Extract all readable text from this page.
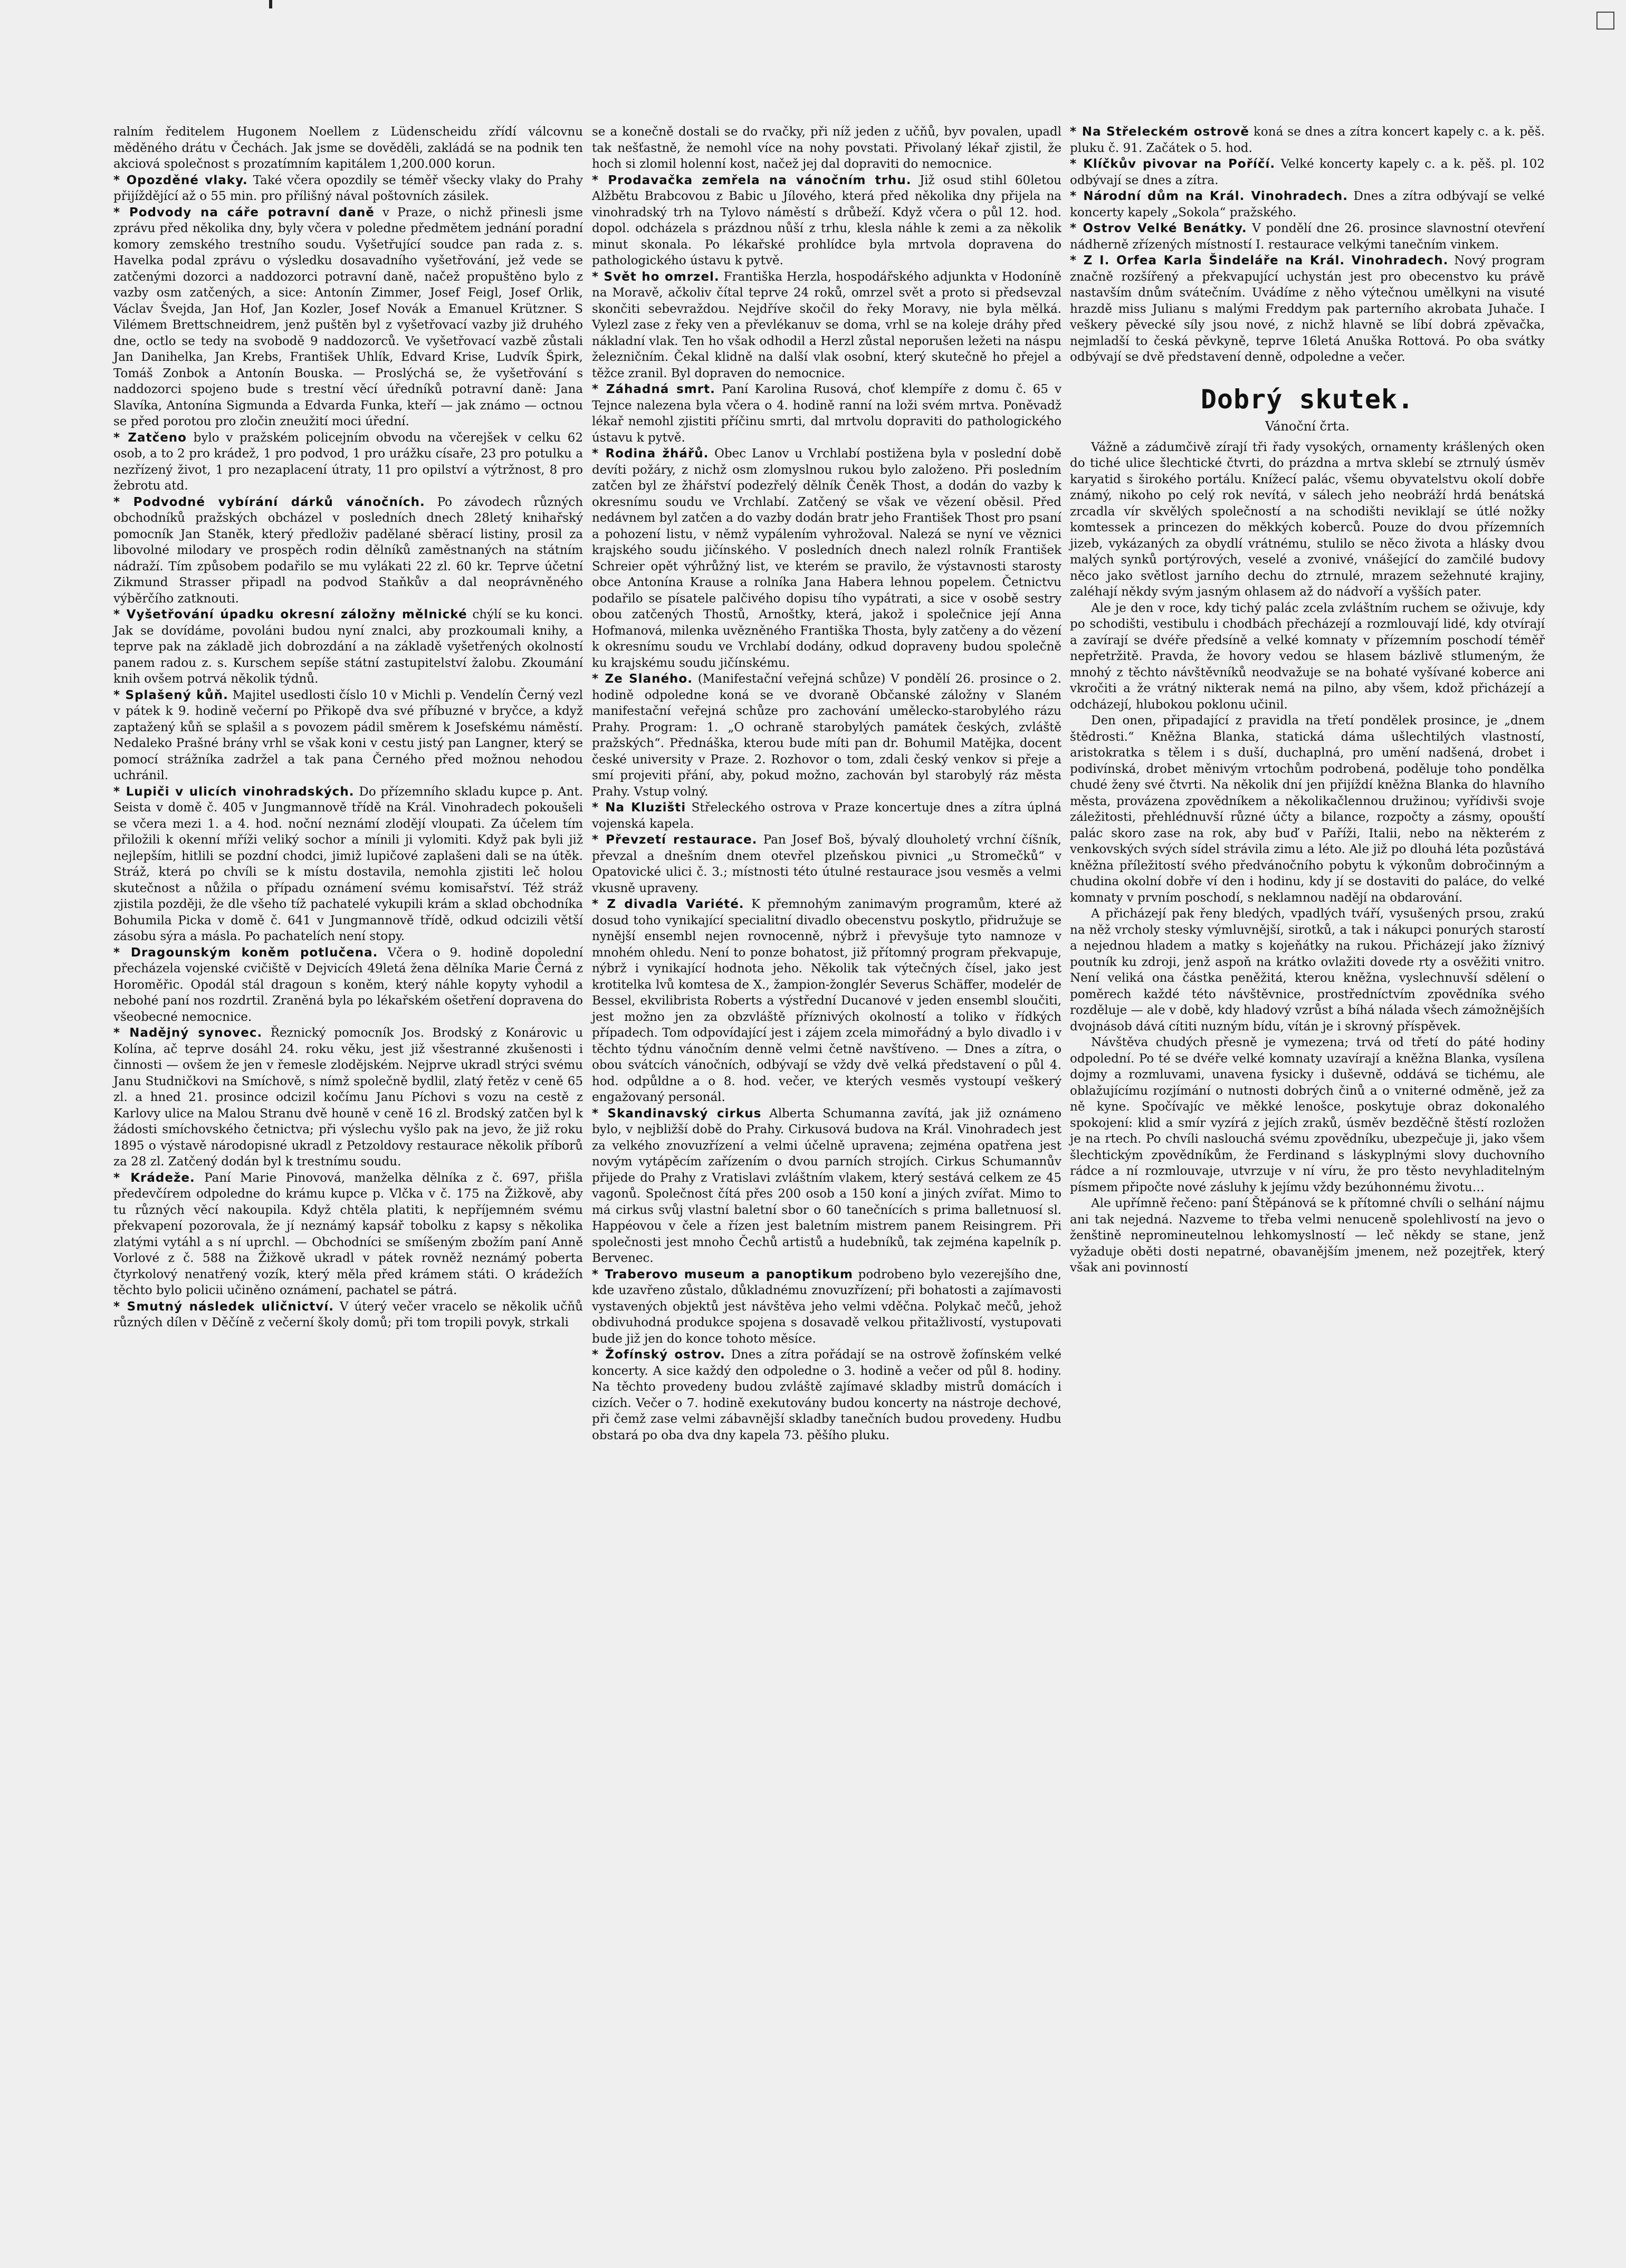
ralním ředitelem Hugonem Noellem z Lüdenscheidu zřídí válcovnu měděného drátu v Čechách. Jak jsme se dověděli, zakládá se na podnik ten akciová společnost s prozatímním kapitálem 1,200.000 korun.

* Opozděné vlaky. Také včera opozdily se téměř všecky vlaky do Prahy přijíždějící až o 55 min. pro přílišný nával poštovních zásilek.

* Podvody na cáře potravní daně v Praze, o nichž přinesli jsme zprávu před několika dny, byly včera v poledne předmětem jednání poradní komory zemského trestního soudu. Vyšetřující soudce pan rada z. s. Havelka podal zprávu o výsledku dosavadního vyšetřování, jež vede se zatčenými dozorci a naddozorci potravní daně, načež propuštěno bylo z vazby osm zatčených, a sice: Antonín Zimmer, Josef Feigl, Josef Orlik, Václav Švejda, Jan Hof, Jan Kozler, Josef Novák a Emanuel Krützner. S Vilémem Brettschneidrem, jenž puštěn byl z vyšetřovací vazby již druhého dne, octlo se tedy na svobodě 9 naddozorců. Ve vyšetřovací vazbě zůstali Jan Danihelka, Jan Krebs, František Uhlík, Edvard Krise, Ludvík Špirk, Tomáš Zonbok a Antonín Bouska. — Proslýchá se, že vyšetřování s naddozorci spojeno bude s trestní věcí úředníků potravní daně: Jana Slavíka, Antonína Sigmunda a Edvarda Funka, kteří — jak známo — octnou se před porotou pro zločin zneužití moci úřední.

* Zatčeno bylo v pražském policejním obvodu na včerejšek v celku 62 osob, a to 2 pro krádež, 1 pro podvod, 1 pro urážku císaře, 23 pro potulku a nezřízený život, 1 pro nezaplacení útraty, 11 pro opilství a výtržnost, 8 pro žebrotu atd.

* Podvodné vybírání dárků vánočních. Po závodech různých obchodníků pražských obcházel v posledních dnech 28letý knihařský pomocník Jan Staněk, který předloživ padělané sběrací listiny, prosil za libovolné milodary ve prospěch rodin dělníků zaměstnaných na státním nádraží. Tím způsobem podařilo se mu vylákati 22 zl. 60 kr. Teprve účetní Zikmund Strasser připadl na podvod Staňkův a dal neoprávněného výběrčího zatknouti.

* Vyšetřování úpadku okresní záložny mělnické chýlí se ku konci. Jak se dovídáme, povoláni budou nyní znalci, aby prozkoumali knihy, a teprve pak na základě jich dobrozdání a na základě vyšetřených okolností panem radou z. s. Kurschem sepíše státní zastupitelství žalobu. Zkoumání knih ovšem potrvá několik týdnů.

* Splašený kůň. Majitel usedlosti číslo 10 v Michli p. Vendelín Černý vezl v pátek k 9. hodině večerní po Přikopě dva své příbuzné v bryčce, a když zaptažený kůň se splašil a s povozem pádil směrem k Josefskému náměstí. Nedaleko Prašné brány vrhl se však koni v cestu jistý pan Langner, který se pomocí strážníka zadržel a tak pana Černého před možnou nehodou uchránil.

* Lupiči v ulicích vinohradských. Do přízemního skladu kupce p. Ant. Seista v domě č. 405 v Jungmannově třídě na Král. Vinohradech pokoušeli se včera mezi 1. a 4. hod. noční neznámí zlodějí vloupati. Za účelem tím přiložili k okenní mříži veliký sochor a mínili ji vylomiti. Když pak byli již nejlepším, hitlili se pozdní chodci, jimiž lupičové zaplašeni dali se na útěk. Stráž, která po chvíli se k místu dostavila, nemohla zjistiti leč holou skutečnost a nůžila o případu oznámení svému komisařství. Též stráž zjistila později, že dle všeho tíž pachatelé vykupili krám a sklad obchodníka Bohumila Picka v domě č. 641 v Jungmannově třídě, odkud odcizili větší zásobu sýra a másla. Po pachatelích není stopy.

* Dragounským koněm potlučena. Včera o 9. hodině dopolední přecházela vojenské cvičiště v Dejvicích 49letá žena dělníka Marie Černá z Horoměřic. Opodál stál dragoun s koněm, který náhle kopyty vyhodil a nebohé paní nos rozdrtil. Zraněná byla po lékařském ošetření dopravena do všeobecné nemocnice.

* Nadějný synovec. Řeznický pomocník Jos. Brodský z Konárovic u Kolína, ač teprve dosáhl 24. roku věku, jest již všestranné zkušenosti i činnosti — ovšem že jen v řemesle zlodějském. Nejprve ukradl strýci svému Janu Studničkovi na Smíchově, s nímž společně bydlil, zlatý řetěz v ceně 65 zl. a hned 21. prosince odcizil kočímu Janu Píchovi s vozu na cestě z Karlovy ulice na Malou Stranu dvě houně v ceně 16 zl. Brodský zatčen byl k žádosti smíchovského četnictva; při výslechu vyšlo pak na jevo, že již roku 1895 o výstavě národopisné ukradl z Petzoldovy restaurace několik příborů za 28 zl. Zatčený dodán byl k trestnímu soudu.

* Krádeže. Paní Marie Pinovová, manželka dělníka z č. 697, přišla předevčírem odpoledne do krámu kupce p. Vlčka v č. 175 na Žižkově, aby tu různých věcí nakoupila. Když chtěla platiti, k nepříjemném svému překvapení pozorovala, že jí neznámý kapsář tobolku z kapsy s několika zlatými vytáhl a s ní uprchl. — Obchodníci se smíšeným zbožím paní Anně Vorlové z č. 588 na Žižkově ukradl v pátek rovněž neznámý pobertа čtyrkolový nenatřený vozík, který měla před krámem státi. O krádežích těchto bylo policii učiněno oznámení, pachatel se pátrá.

* Smutný následek uličnictví. V úterý večer vracelo se několik učňů různých dílen v Děčíně z večerní školy domů; při tom tropili povyk, strkali

se a konečně dostali se do rvačky, při níž jeden z učňů, byv povalen, upadl tak nešťastně, že nemohl více na nohy povstati. Přivolaný lékař zjistil, že hoch si zlomil holenní kost, načež jej dal dopraviti do nemocnice.

* Prodavačka zemřela na vánočním trhu. Již osud stihl 60letou Alžbětu Brabcovou z Babic u Jílového, která před několika dny přijela na vinohradský trh na Tylovo náměstí s drůbeží. Když včera o půl 12. hod. dopol. odcházela s prázdnou nůší z trhu, klesla náhle k zemi a za několik minut skonala. Po lékařské prohlídce byla mrtvola dopravena do pathologického ústavu k pytvě.

* Svět ho omrzel. Františka Herzla, hospodářského adjunkta v Hodoníně na Moravě, ačkoliv čítal teprve 24 roků, omrzel svět a proto si předsevzal skončiti sebevraždou. Nejdříve skočil do řeky Moravy, nie byla mělká. Vylezl zase z řeky ven a převlékanuv se doma, vrhl se na koleje dráhy před nákladní vlak. Ten ho však odhodil a Herzl zůstal neporušen ležeti na náspu železničním. Čekal klidně na další vlak osobní, který skutečně ho přejel a těžce zranil. Byl dopraven do nemocnice.

* Záhadná smrt. Paní Karolina Rusová, choť klempíře z domu č. 65 v Tejnce nalezena byla včera o 4. hodině ranní na loži svém mrtva. Poněvadž lékař nemohl zjistiti příčinu smrti, dal mrtvolu dopraviti do pathologického ústavu k pytvě.

* Rodina žhářů. Obec Lanov u Vrchlabí postižena byla v poslední době devíti požáry, z nichž osm zlomyslnou rukou bylo založeno. Při posledním zatčen byl ze žhářství podezřelý dělník Čeněk Thost, a dodán do vazby k okresnímu soudu ve Vrchlabí. Zatčený se však ve vězení oběsil. Před nedávnem byl zatčen a do vazby dodán bratr jeho František Thost pro psaní a pohození listu, v němž vypálením vyhrožoval. Nalezá se nyní ve věznici krajského soudu jičínského. V posledních dnech nalezl rolník František Schreier opět výhrůžný list, ve kterém se pravilo, že výstavnosti starosty obce Antonína Krause a rolníka Jana Habera lehnou popelem. Četnictvu podařilo se písatele palčivého dopisu tího vypátrati, a sice v osobě sestry obou zatčených Thostů, Arnoštky, která, jakož i společnice její Anna Hofmanová, milenka uvězněného Františka Thosta, byly zatčeny a do vězení k okresnímu soudu ve Vrchlabí dodány, odkud dopraveny budou společně ku krajskému soudu jičínskému.

* Ze Slaného. (Manifestační veřejná schůze) V pondělí 26. prosince o 2. hodině odpoledne koná se ve dvoraně Občanské záložny v Slaném manifestační veřejná schůze pro zachování umělecko-starobylého rázu Prahy. Program: 1. „O ochraně starobylých památek českých, zvláště pražských“. Přednáška, kterou bude mítі pan dr. Bohumil Matějka, docent české university v Praze. 2. Rozhovor o tom, zdali český venkov si přeje a smí projeviti přání, aby, pokud možno, zachován byl starobylý ráz města Prahy. Vstup volný.

* Na Kluzišti Střeleckého ostrova v Praze koncertuje dnes a zítra úplná vojenská kapela.

* Převzetí restaurace. Pan Josef Boš, bývalý dlouholetý vrchní číšník, převzal a dnešním dnem otevřel plzeňskou pivnici „u Stromečků“ v Opatovické ulici č. 3.; místnosti této útulné restaurace jsou vesměs a velmi vkusně upraveny.

* Z divadla Variété. K přemnohým zanimavým programům, které až dosud toho vynikající specialitní divadlo obecenstvu poskytlo, přidružuje se nynější ensembl nejen rovnocenně, nýbrž i převyšuje tyto namnoze v mnohém ohledu. Není to ponze bohatost, již přítomný program překvapuje, nýbrž i vynikající hodnota jeho. Několik tak výtečných čísel, jako jest krotitelka lvů komtesa de X., žampion-žonglér Severus Schäffer, modelér de Bessel, ekvilibrista Roberts a výstřední Ducanové v jeden ensembl sloučiti, jest možno jen za obzvláště příznivých okolností a toliko v řídkých případech. Tom odpovídající jest i zájem zcela mimořádný a bylo divadlo i v těchto týdnu vánočním denně velmi četně navštíveno. — Dnes a zítra, o obou svátcích vánočních, odbývají se vždy dvě velká představení o půl 4. hod. odpůldne a o 8. hod. večer, ve kterých vesměs vystoupí veškerý engažovaný personál.

* Skandinavský cirkus Alberta Schumanna zavítá, jak již oznámeno bylo, v nejbližší době do Prahy. Cirkusová budova na Král. Vinohradech jest za velkého znovuzřízení a velmi účelně upravena; zejména opatřena jest novým vytápěcím zařízením o dvou parních strojích. Cirkus Schumannův přijede do Prahy z Vratislavi zvláštním vlakem, který sestává celkem ze 45 vagonů. Společnost čítá přes 200 osob a 150 koní a jiných zvířat. Mimo to má cirkus svůj vlastní baletní sbor o 60 tanečnících s prima balletnuosí sl. Happéovou v čele a řízen jest baletním mistrem panem Reisingrem. Při společnosti jest mnoho Čechů artistů a hudebníků, tak zejména kapelník p. Bervenec.

* Traberovo museum a panoptikum podrobeno bylo vezerejšího dne, kde uzavřeno zůstalo, důkladnému znovuzřízení; při bohatosti a zajímavosti vystavených objektů jest návštěva jeho velmi vděčna. Polykač mečů, jehož obdivuhodná produkce spojena s dosavadě velkou přitažlivostí, vystupovati bude již jen do konce tohoto měsíce.

* Žofínský ostrov. Dnes a zítra pořádají se na ostrově žofínském velké koncerty. A sice každý den odpoledne o 3. hodině a večer od půl 8. hodiny. Na těchto provedeny budou zvláště zajímavé skladby mistrů domácích i cizích. Večer o 7. hodině exekutovány budou koncerty na nástroje dechové, při čemž zase velmi zábavnější skladby tanečních budou provedeny. Hudbu obstará po oba dva dny kapela 73. pěšího pluku.

* Na Střeleckém ostrově koná se dnes a zítra koncert kapely c. a k. pěš. pluku č. 91. Začátek o 5. hod.

* Klíčkův pivovar na Poříčí. Velké koncerty kapely c. a k. pěš. pl. 102 odbývají se dnes a zítra.

* Národní dům na Král. Vinohradech. Dnes a zítra odbývají se velké koncerty kapely „Sokola“ pražského.

* Ostrov Velké Benátky. V pondělí dne 26. prosince slavnostní otevření nádherně zřízených místností I. restaurace velkými tanečním vinkem.

* Z I. Orfea Karla Šindeláře na Král. Vinohradech. Nový program značně rozšířený a překvapující uchystán jest pro obecenstvo ku právě nastavším dnům svátečním. Uvádíme z něho výtečnou umělkyni na visuté hrazdě miss Julianu s malými Freddym pak parterního akrobata Juhače. I veškery pěvecké síly jsou nové, z nichž hlavně se líbí dobrá zpěvačka, nejmladší to česká pěvkyně, teprve 16letá Anuška Rottová. Po oba svátky odbývají se dvě představení denně, odpoledne a večer.

Dobrý skutek.
Vánoční črta.

Vážně a zádumčivě zírají tři řady vysokých, ornamenty krášlených oken do tiché ulice šlechtické čtvrti, do prázdna a mrtva sklebí se ztrnulý úsměv karyatid s širokého portálu. Knížecí palác, všemu obyvatelstvu okolí dobře známý, nikoho po celý rok nevítá, v sálech jeho neobráží hrdá benátská zrcadla vír skvělých společností a na schodišti neviklají se útlé nožky komtessek a princezen do měkkých koberců. Pouze do dvou přízemních jizeb, vykázaných za obydlí vrátnému, stulilo se něco života a hlásky dvou malých synků portýrových, veselé a zvonivé, vnášející do zamčilé budovy něco jako světlost jarního dechu do ztrnulé, mrazem sežehnuté krajiny, zaléhají někdy svým jasným ohlasem až do nádvoří a vyšších pater.

Ale je den v roce, kdy tichý palác zcela zvláštním ruchem se oživuje, kdy po schodišti, vestibulu i chodbách přecházejí a rozmlouvají lidé, kdy otvírají a zavírají se dvéře předsíně a velké komnaty v přízemním poschodí téměř nepřetržitě. Pravda, že hovory vedou se hlasem bázlivě stlumeným, že mnohý z těchto návštěvníků neodvažuje se na bohaté vyšívané koberce ani vkročiti a že vrátný nikterak nemá na pilno, aby všem, kdož přicházejí a odcházejí, hlubokou poklonu učinil.

Den onen, připadající z pravidla na třetí pondělek prosince, je „dnem štědrosti.“ Kněžna Blanka, statická dáma ušlechtilých vlastností, aristokratka s tělem i s duší, duchaplná, pro umění nadšená, drobet i podivínská, drobet měnivým vrtochům podrobená, poděluje toho pondělka chudé ženy své čtvrti. Na několik dní jen přijíždí kněžna Blanka do hlavního města, provázena zpovědníkem a několikačlennou družinou; vyřídivši svoje záležitosti, přehlédnuvší různé účty a bilance, rozpočty a zásmy, opouští palác skoro zase na rok, aby buď v Paříži, Italii, nebo na některém z venkovských svých sídel strávila zimu a léto. Ale již po dlouhá léta pozůstává kněžna příležitostí svého předvánočního pobytu k výkonům dobročinným a chudina okolní dobře ví den i hodinu, kdy jí se dostaviti do paláce, do velké komnaty v prvním poschodí, s neklamnou nadějí na obdarování.

A přicházejí pak řeny bledých, vpadlých tváří, vysušených prsou, zrakú na něž vrcholy stesky výmluvnější, sirotků, a tak i nákupci ponurých starostí a nejednou hladem a matky s kojeňátky na rukou. Přicházejí jako žíznivý poutník ku zdroji, jenž aspoň na krátko ovlažiti dovede rty a osvěžiti vnitro. Není veliká ona částka peněžitá, kterou kněžna, vyslechnuvší sdělení o poměrech každé této návštěvnice, prostředníctvím zpovědníka svého rozděluje — ale v době, kdy hladový vzrůst a bíhá nálada všech zámožnějších dvojnásob dává cítiti nuzným bídu, vítán je i skrovný příspěvek.

Návštěva chudých přesně je vymezena; trvá od třetí do páté hodiny odpolední. Po té se dvéře velké komnaty uzavírají a kněžna Blanka, vysílena dojmy a rozmluvami, unavena fysicky i duševně, oddává se tichému, ale oblažujícímu rozjímání o nutnosti dobrých činů a o vniterné odměně, jež za ně kyne. Spočívajíc ve měkké lenošce, poskytuje obraz dokonalého spokojení: klid a smír vyzírá z jejích zraků, úsměv bezděčně štěstí rozložen je na rtech. Po chvíli naslouchá svému zpovědníku, ubezpečuje ji, jako všem šlechtickým zpovědníkům, že Ferdinand s láskyplnými slovy duchovního rádce a ní rozmlouvaje, utvrzuje v ní víru, že pro těsto nevyhladitelným písmem připočte nové zásluhy k jejímu vždy bezúhonnému životu…

Ale upřímně řečeno: paní Štěpánová se k přítomné chvíli o selhání nájmu ani tak nejedná. Nazveme to třeba velmi nenuceně spolehlivostí na jevo o ženštině nepromineutelnou lehkomyslností — leč někdy se stane, jenž vyžaduje oběti dosti nepatrné, obavanějším jmenem, než pozejtřek, který však ani povinností
